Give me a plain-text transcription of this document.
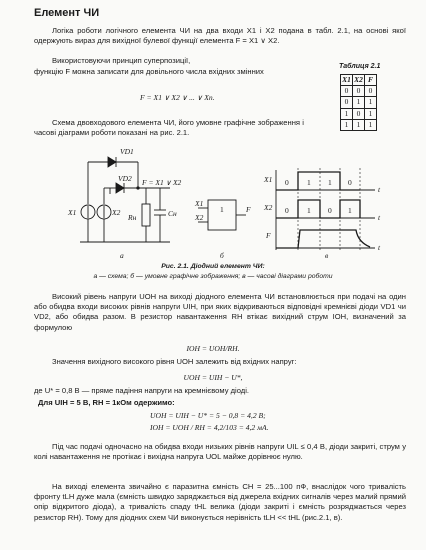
Елемент ЧИ
Логіка роботи логічного елемента ЧИ на два входи X1 і X2 подана в табл. 2.1, на основі якої одержують вираз для вихідної булевої функції елемента F = X1 ∨ X2.
Використовуючи принцип суперпозиції,
функцію F можна записати для довільного числа вхідних змінних
F = X1 ∨ X2 ∨ ... ∨ Xn.
Таблиця 2.1
X1	X2	F
0	0	0
0	1	1
1	0	1
1	1	1
Схема двовходового елемента ЧИ, його умовне графічне зображення і часові діаграми роботи показані на рис. 2.1.
VD1
VD2 F = X1 ∨ X2
X1	X2
Rн	Cн	1
X1
X2
F
X1
X2
F
t
t
t
0 1 1 0
0 1 0 1
а	б	в
Рис. 2.1. Діодний елемент ЧИ:
а — схема; б — умовне графічне зображення; в — часові діаграми роботи
Високий рівень напруги UOH на виході діодного елемента ЧИ встановлюється при подачі на один або обидва входи високих рівнів напруги UIH, при яких відкриваються відповідні кремнієві діоди VD1 чи VD2, або обидва разом. В резистор навантаження RH втікає вихідний струм IOH, визначений за формулою
IOH = UOH/RH.
Значення вихідного високого рівня UOH залежить від вхідних напруг:
UOH = UIH − U*,
де U* = 0,8 В — пряме падіння напруги на кремнієвому діоді.
Для UIH = 5 В, RH = 1кОм одержимо:
UOH = UIH − U* = 5 − 0,8 = 4,2 В;
IOH = UOH / RH = 4,2/103 = 4,2 мА.
Під час подачі одночасно на обидва входи низьких рівнів напруги UIL ≤ 0,4 В, діоди закриті, струм у колі навантаження не протікає і вихідна напруга UOL майже дорівнює нулю.
На виході елемента звичайно є паразитна ємність CH = 25...100 пФ, внаслідок чого тривалість фронту tLH дуже мала (ємність швидко заряджається від джерела вхідних сигналів через малий прямий опір відкритого діода), а тривалість спаду tHL велика (діоди закриті і ємність розряджається через резистор RH). Тому для діодних схем ЧИ виконується нерівність tLH << tHL (рис.2.1, в).
